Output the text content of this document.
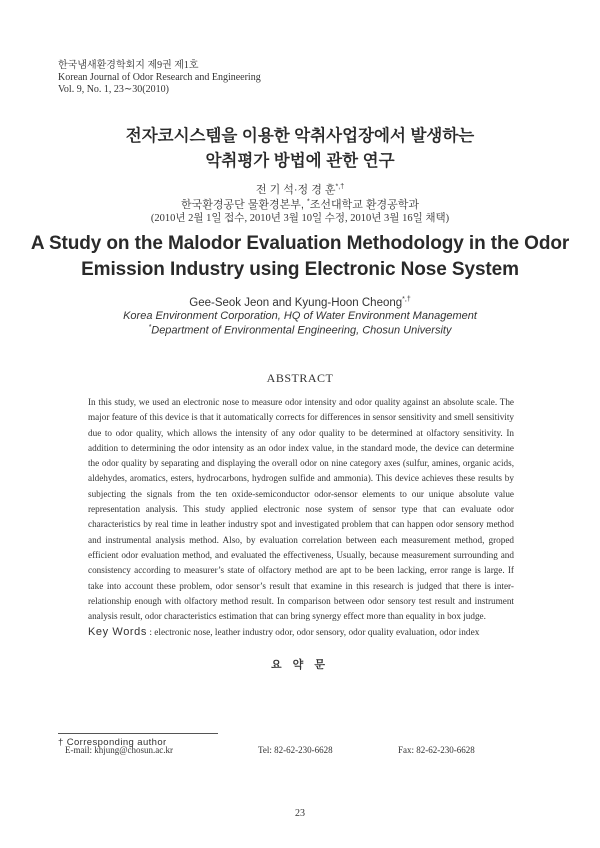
한국냄새환경학회지 제9권 제1호
Korean Journal of Odor Research and Engineering
Vol. 9, No. 1, 23∼30(2010)
전자코시스템을 이용한 악취사업장에서 발생하는
악취평가 방법에 관한 연구
전 기 석·정 경 훈*,†
한국환경공단 물환경본부, *조선대학교 환경공학과
(2010년 2월 1일 접수, 2010년 3월 10일 수정, 2010년 3월 16일 채택)
A Study on the Malodor Evaluation Methodology in the Odor
Emission Industry using Electronic Nose System
Gee-Seok Jeon and Kyung-Hoon Cheong*,†
Korea Environment Corporation, HQ of Water Environment Management
*Department of Environmental Engineering, Chosun University
ABSTRACT
In this study, we used an electronic nose to measure odor intensity and odor quality against an absolute scale. The major feature of this device is that it automatically corrects for differences in sensor sensitivity and smell sensitivity due to odor quality, which allows the intensity of any odor quality to be determined at olfactory sensitivity. In addition to determining the odor intensity as an odor index value, in the standard mode, the device can determine the odor quality by separating and displaying the overall odor on nine category axes (sulfur, amines, organic acids, aldehydes, aromatics, esters, hydrocarbons, hydrogen sulfide and ammonia). This device achieves these results by subjecting the signals from the ten oxide-semiconductor odor-sensor elements to our unique absolute value representation analysis. This study applied electronic nose system of sensor type that can evaluate odor characteristics by real time in leather industry spot and investigated problem that can happen odor sensory method and instrumental analysis method. Also, by evaluation correlation between each measurement method, groped efficient odor evaluation method, and evaluated the effectiveness, Usually, because measurement surrounding and consistency according to measurer’s state of olfactory method are apt to be been lacking, error range is large. If take into account these problem, odor sensor’s result that examine in this research is judged that there is inter-relationship enough with olfactory method result. In comparison between odor sensory test result and instrument analysis result, odor characteristics estimation that can bring synergy effect more than equality in box judge.
Key Words : electronic nose, leather industry odor, odor sensory, odor quality evaluation, odor index
요 약 문
† Corresponding author
E-mail: khjung@chosun.ac.kr	Tel: 82-62-230-6628	Fax: 82-62-230-6628
23
